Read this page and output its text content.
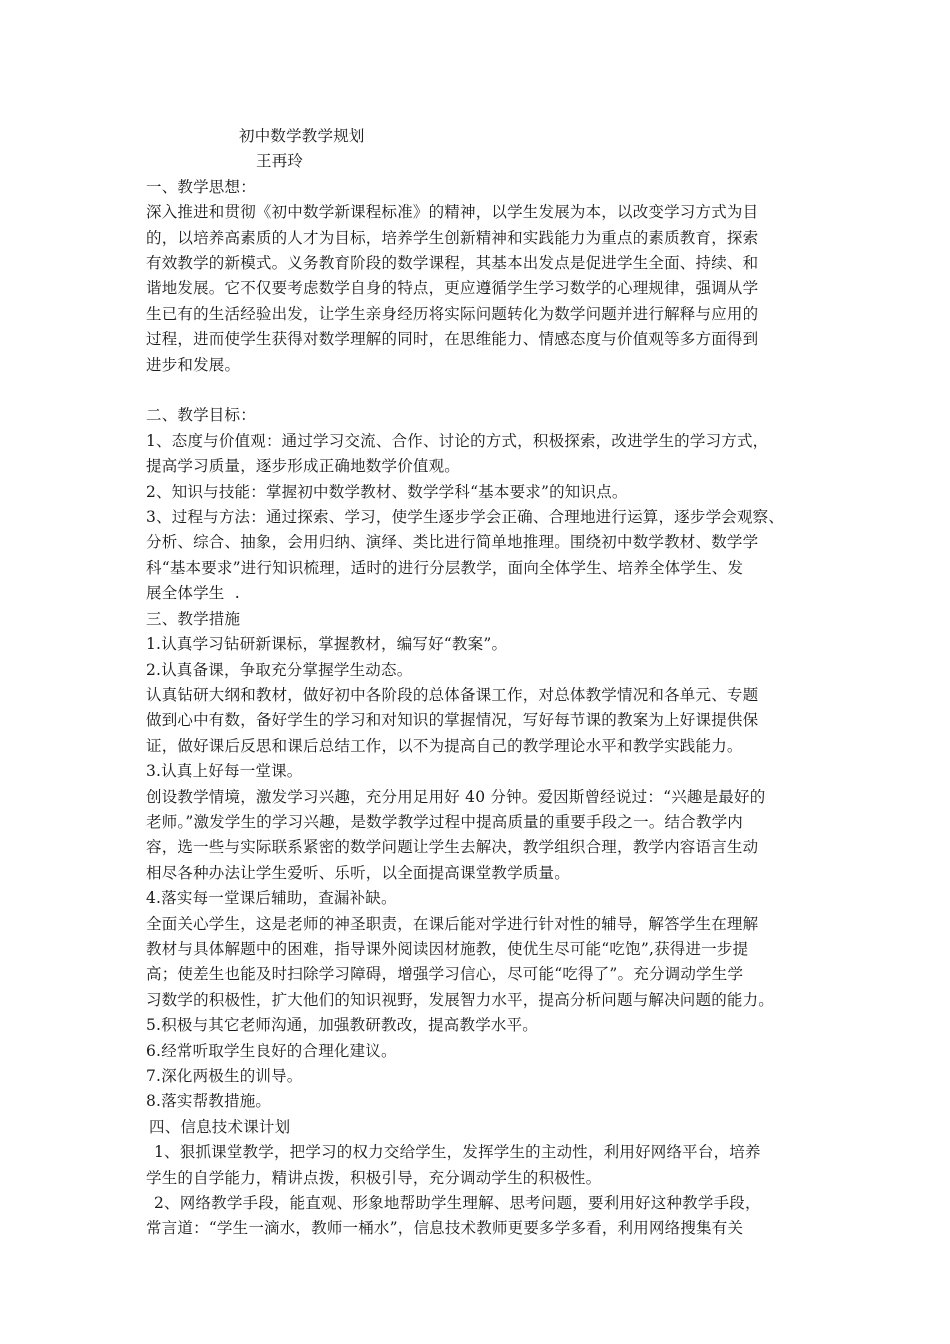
初中数学教学规划

王再玲

一、教学思想：

深入推进和贯彻《初中数学新课程标准》的精神，以学生发展为本，以改变学习方式为目

的，以培养高素质的人才为目标，培养学生创新精神和实践能力为重点的素质教育，探索

有效教学的新模式。义务教育阶段的数学课程，其基本出发点是促进学生全面、持续、和

谐地发展。它不仅要考虑数学自身的特点，更应遵循学生学习数学的心理规律，强调从学

生已有的生活经验出发，让学生亲身经历将实际问题转化为数学问题并进行解释与应用的

过程，进而使学生获得对数学理解的同时，在思维能力、情感态度与价值观等多方面得到

进步和发展。

二、教学目标：

1、态度与价值观：通过学习交流、合作、讨论的方式，积极探索，改进学生的学习方式，

提高学习质量，逐步形成正确地数学价值观。

2、知识与技能：掌握初中数学教材、数学学科“基本要求”的知识点。

3、过程与方法：通过探索、学习，使学生逐步学会正确、合理地进行运算，逐步学会观察、

分析、综合、抽象，会用归纳、演绎、类比进行简单地推理。围绕初中数学教材、数学学

科“基本要求”进行知识梳理，适时的进行分层教学，面向全体学生、培养全体学生、发

展全体学生  .

三、教学措施

1.认真学习钻研新课标，掌握教材，编写好“教案”。

2.认真备课，争取充分掌握学生动态。

认真钻研大纲和教材，做好初中各阶段的总体备课工作，对总体教学情况和各单元、专题

做到心中有数，备好学生的学习和对知识的掌握情况，写好每节课的教案为上好课提供保

证，做好课后反思和课后总结工作，以不为提高自己的教学理论水平和教学实践能力。

3.认真上好每一堂课。

创设教学情境，激发学习兴趣，充分用足用好 40 分钟。爱因斯曾经说过：“兴趣是最好的

老师。”激发学生的学习兴趣，是数学教学过程中提高质量的重要手段之一。结合教学内

容，选一些与实际联系紧密的数学问题让学生去解决，教学组织合理，教学内容语言生动

相尽各种办法让学生爱听、乐听，以全面提高课堂教学质量。

4.落实每一堂课后辅助，查漏补缺。

全面关心学生，这是老师的神圣职责，在课后能对学进行针对性的辅导，解答学生在理解

教材与具体解题中的困难，指导课外阅读因材施教，使优生尽可能“吃饱”,获得进一步提

高；使差生也能及时扫除学习障碍，增强学习信心，尽可能“吃得了”。充分调动学生学

习数学的积极性，扩大他们的知识视野，发展智力水平，提高分析问题与解决问题的能力。

5.积极与其它老师沟通，加强教研教改，提高教学水平。

6.经常听取学生良好的合理化建议。

7.深化两极生的训导。

8.落实帮教措施。

四、信息技术课计划

1、狠抓课堂教学，把学习的权力交给学生，发挥学生的主动性，利用好网络平台，培养

学生的自学能力，精讲点拨，积极引导，充分调动学生的积极性。

2、网络教学手段，能直观、形象地帮助学生理解、思考问题，要利用好这种教学手段，

常言道：“学生一滴水，教师一桶水”，信息技术教师更要多学多看，利用网络搜集有关
